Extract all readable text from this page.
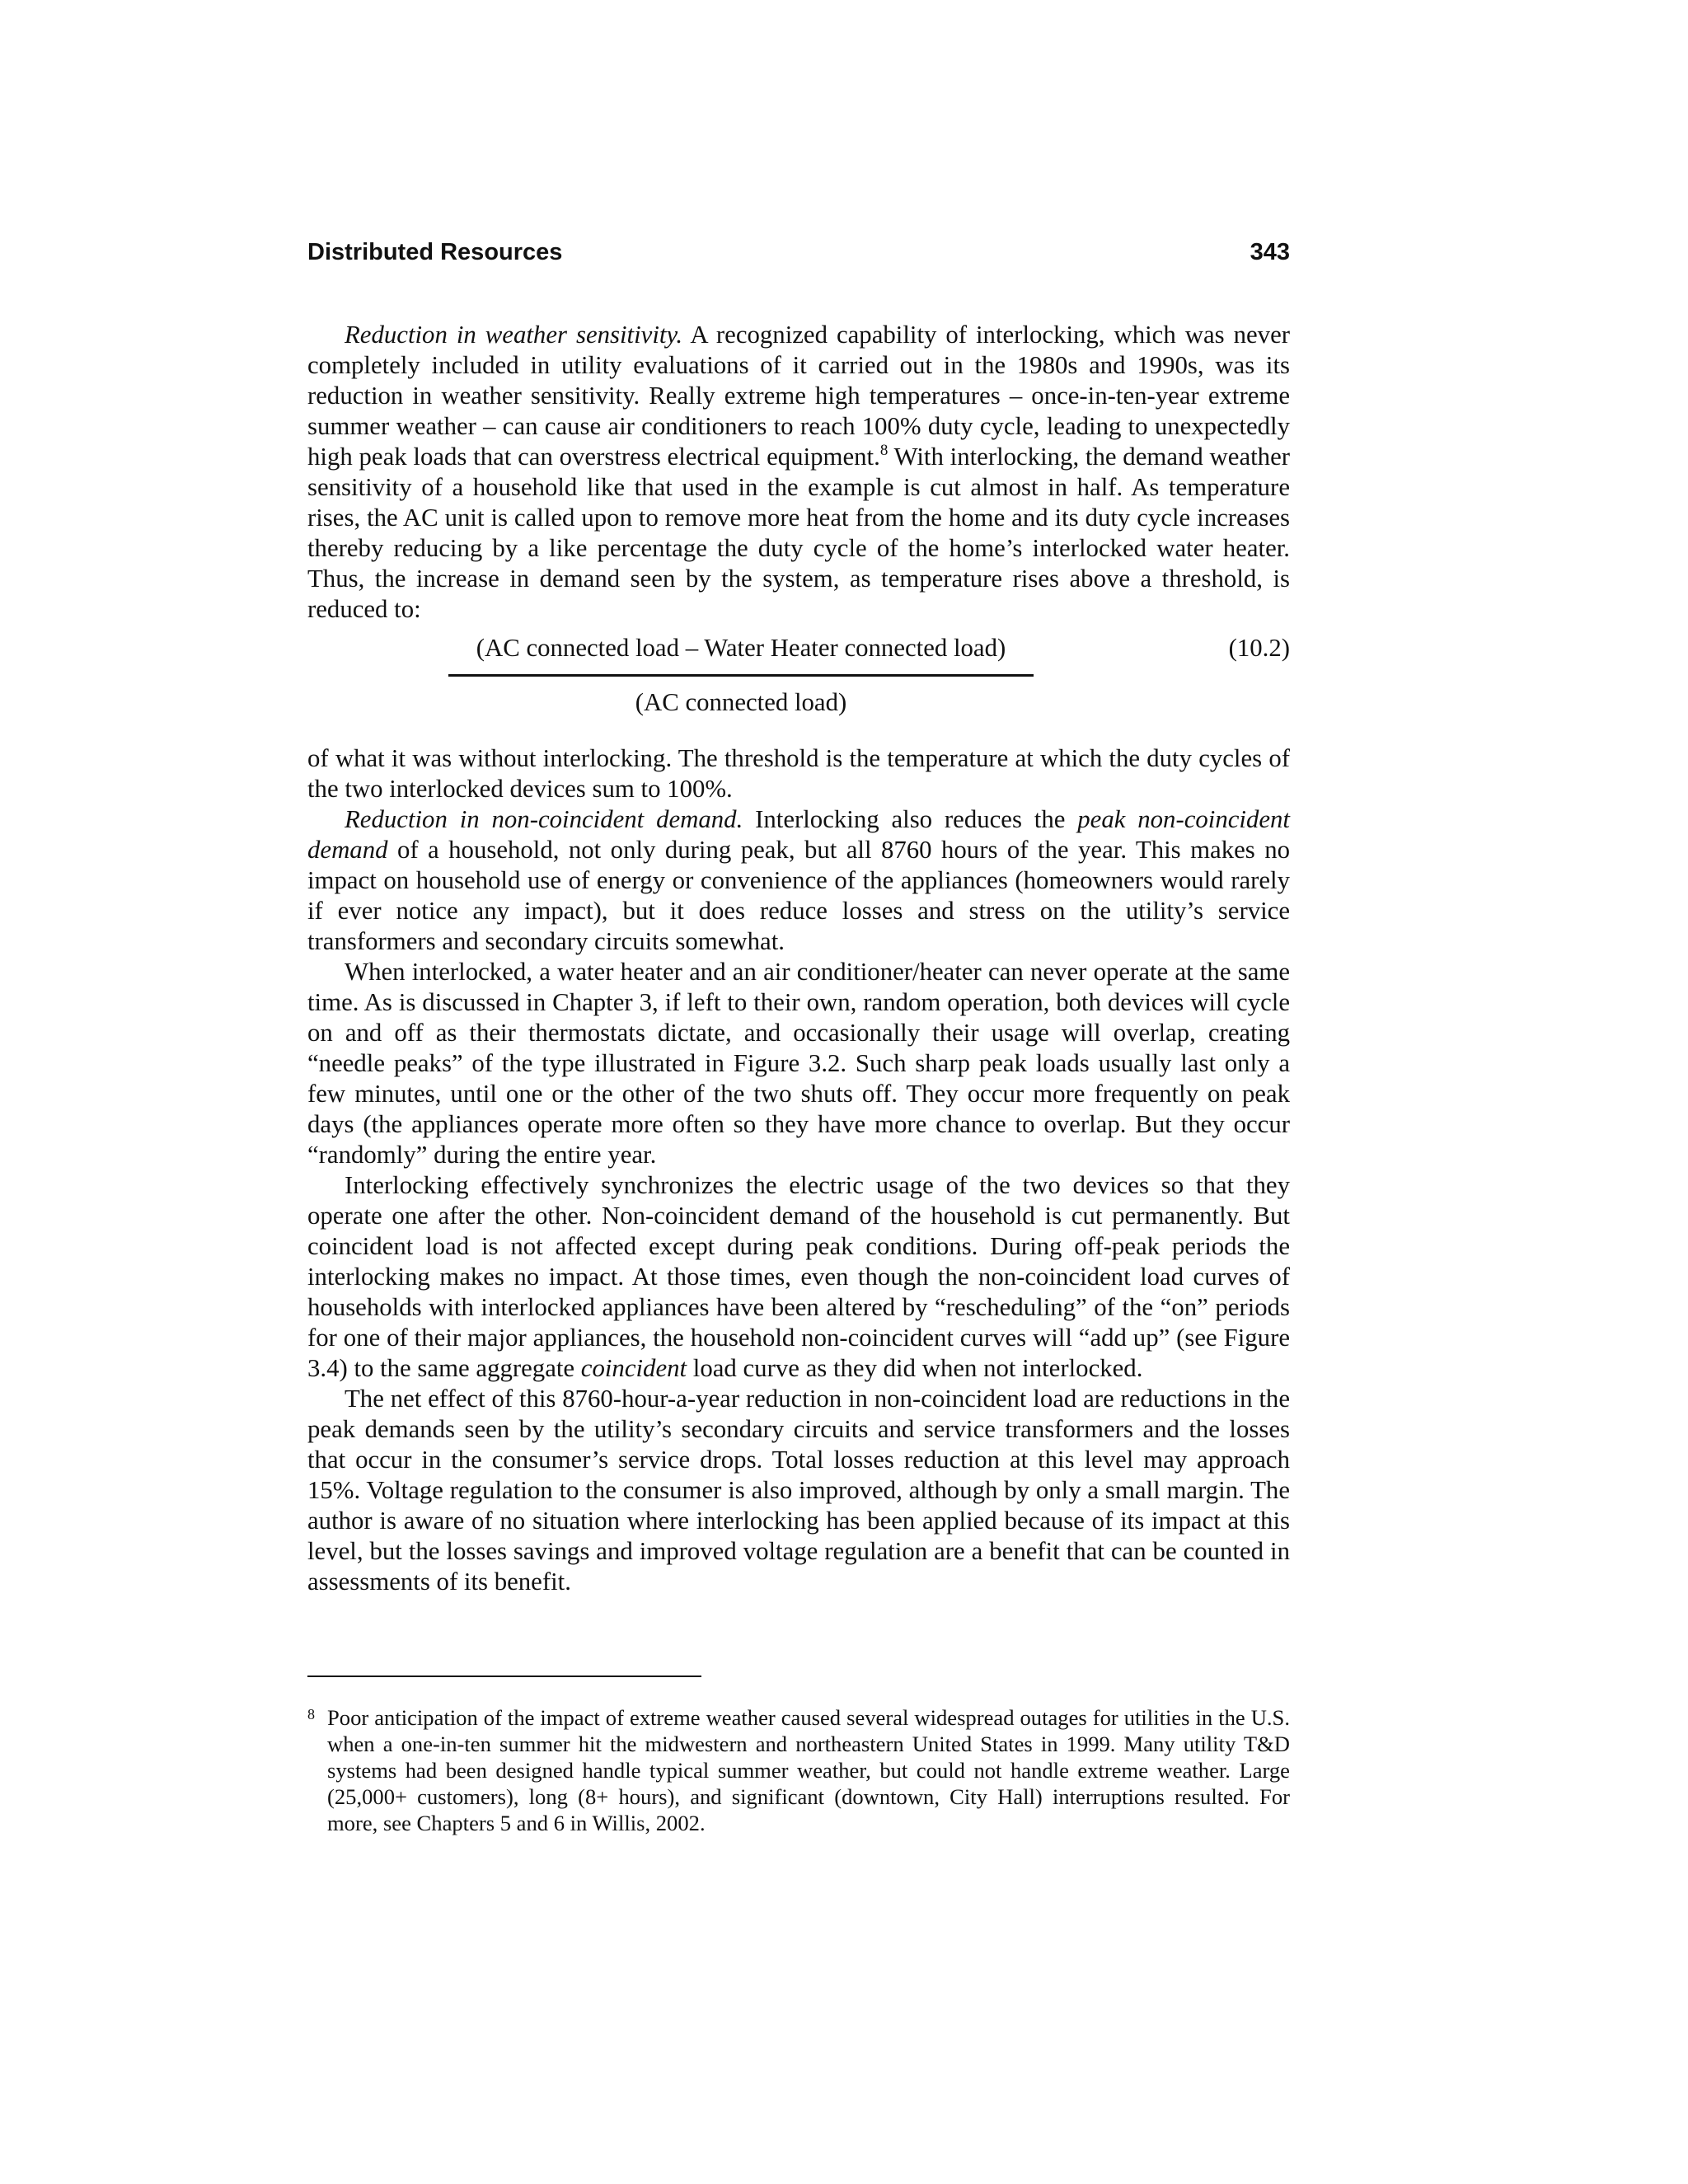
Distributed Resources	343

Reduction in weather sensitivity. A recognized capability of interlocking, which was never completely included in utility evaluations of it carried out in the 1980s and 1990s, was its reduction in weather sensitivity. Really extreme high temperatures – once-in-ten-year extreme summer weather – can cause air conditioners to reach 100% duty cycle, leading to unexpectedly high peak loads that can overstress electrical equipment.$^8$ With interlocking, the demand weather sensitivity of a household like that used in the example is cut almost in half. As temperature rises, the AC unit is called upon to remove more heat from the home and its duty cycle increases thereby reducing by a like percentage the duty cycle of the home’s interlocked water heater. Thus, the increase in demand seen by the system, as temperature rises above a threshold, is reduced to:

(AC connected load – Water Heater connected load)
(AC connected load)
(10.2)

of what it was without interlocking. The threshold is the temperature at which the duty cycles of the two interlocked devices sum to 100%.

Reduction in non-coincident demand. Interlocking also reduces the peak non-coincident demand of a household, not only during peak, but all 8760 hours of the year. This makes no impact on household use of energy or convenience of the appliances (homeowners would rarely if ever notice any impact), but it does reduce losses and stress on the utility’s service transformers and secondary circuits somewhat.

When interlocked, a water heater and an air conditioner/heater can never operate at the same time. As is discussed in Chapter 3, if left to their own, random operation, both devices will cycle on and off as their thermostats dictate, and occasionally their usage will overlap, creating “needle peaks” of the type illustrated in Figure 3.2. Such sharp peak loads usually last only a few minutes, until one or the other of the two shuts off. They occur more frequently on peak days (the appliances operate more often so they have more chance to overlap. But they occur “randomly” during the entire year.

Interlocking effectively synchronizes the electric usage of the two devices so that they operate one after the other. Non-coincident demand of the household is cut permanently. But coincident load is not affected except during peak conditions. During off-peak periods the interlocking makes no impact. At those times, even though the non-coincident load curves of households with interlocked appliances have been altered by “rescheduling” of the “on” periods for one of their major appliances, the household non-coincident curves will “add up” (see Figure 3.4) to the same aggregate coincident load curve as they did when not interlocked.

The net effect of this 8760-hour-a-year reduction in non-coincident load are reductions in the peak demands seen by the utility’s secondary circuits and service transformers and the losses that occur in the consumer’s service drops. Total losses reduction at this level may approach 15%. Voltage regulation to the consumer is also improved, although by only a small margin. The author is aware of no situation where interlocking has been applied because of its impact at this level, but the losses savings and improved voltage regulation are a benefit that can be counted in assessments of its benefit.

8 Poor anticipation of the impact of extreme weather caused several widespread outages for utilities in the U.S. when a one-in-ten summer hit the midwestern and northeastern United States in 1999. Many utility T&D systems had been designed handle typical summer weather, but could not handle extreme weather. Large (25,000+ customers), long (8+ hours), and significant (downtown, City Hall) interruptions resulted. For more, see Chapters 5 and 6 in Willis, 2002.
